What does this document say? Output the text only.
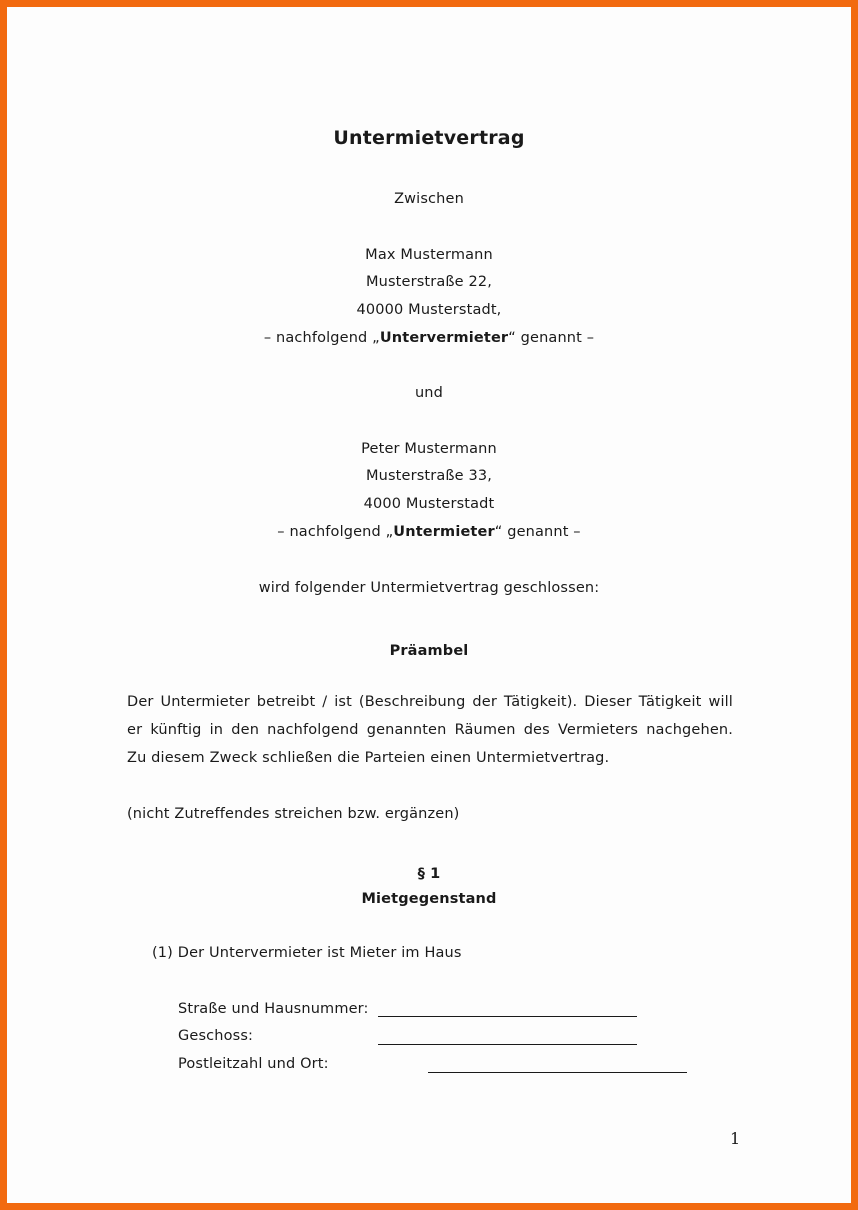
Untermietvertrag
Zwischen
Max Mustermann
Musterstraße 22,
40000 Musterstadt,
– nachfolgend „Untervermieter“ genannt –
und
Peter Mustermann
Musterstraße 33,
4000 Musterstadt
– nachfolgend „Untermieter“ genannt –
wird folgender Untermietvertrag geschlossen:
Präambel
Der Untermieter betreibt / ist (Beschreibung der Tätigkeit). Dieser Tätigkeit will
er künftig in den nachfolgend genannten Räumen des Vermieters nachgehen.
Zu diesem Zweck schließen die Parteien einen Untermietvertrag.
(nicht Zutreffendes streichen bzw. ergänzen)
§ 1
Mietgegenstand
(1) Der Untervermieter ist Mieter im Haus
Straße und Hausnummer:
Geschoss:
Postleitzahl und Ort:
1
